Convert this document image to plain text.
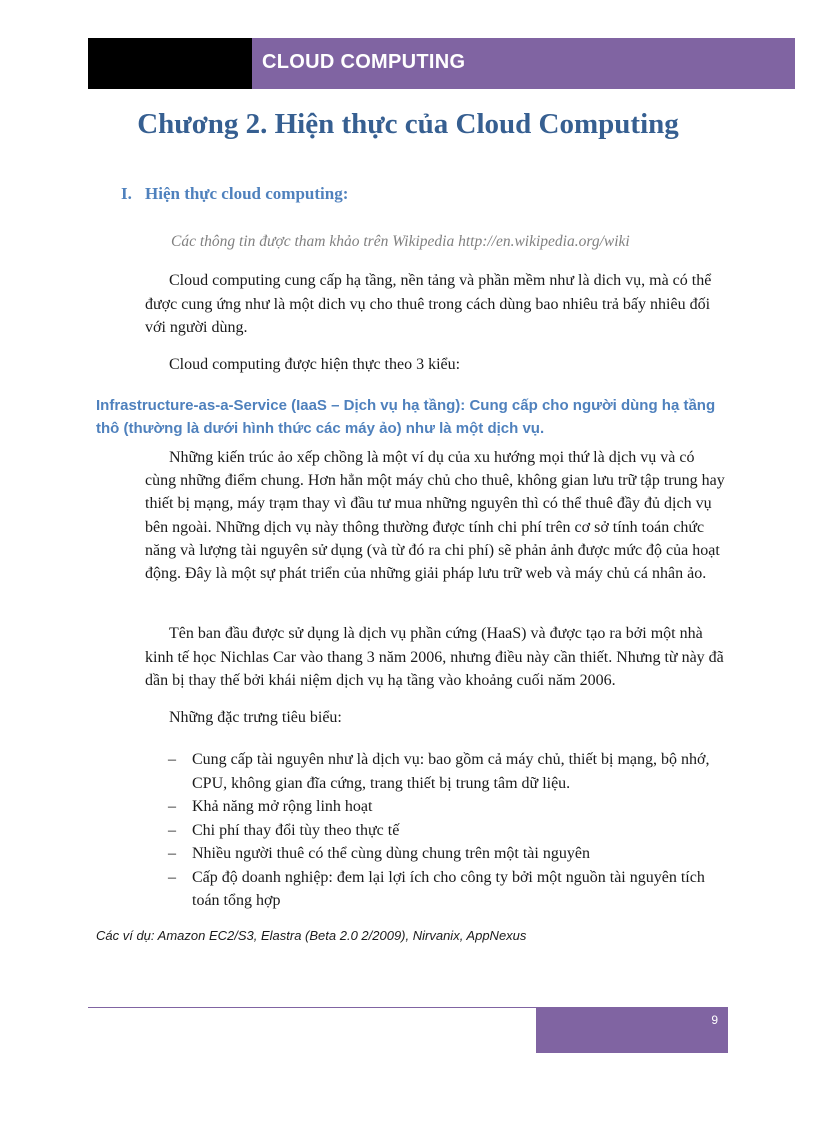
CLOUD COMPUTING
Chương 2. Hiện thực của Cloud Computing
I. Hiện thực cloud computing:
Các thông tin được tham khảo trên Wikipedia http://en.wikipedia.org/wiki

Cloud computing cung cấp hạ tầng, nền tảng và phần mềm như là dich vụ, mà có thể được cung ứng như là một dich vụ cho thuê trong cách dùng bao nhiêu trả bấy nhiêu đối với người dùng.

Cloud computing được hiện thực theo 3 kiểu:

Infrastructure-as-a-Service (IaaS – Dịch vụ hạ tầng): Cung cấp cho người dùng hạ tầng thô (thường là dưới hình thức các máy ảo) như là một dịch vụ.

Những kiến trúc ảo xếp chồng là một ví dụ của xu hướng mọi thứ là dịch vụ và có cùng những điểm chung. Hơn hẳn một máy chủ cho thuê, không gian lưu trữ tập trung hay thiết bị mạng, máy trạm thay vì đầu tư mua những nguyên thì có thể thuê đầy đủ dịch vụ bên ngoài. Những dịch vụ này thông thường được tính chi phí trên cơ sở tính toán chức năng và lượng tài nguyên sử dụng (và từ đó ra chi phí) sẽ phản ảnh được mức độ của hoạt động. Đây là một sự phát triển của những giải pháp lưu trữ web và máy chủ cá nhân ảo.

Tên ban đầu được sử dụng là dịch vụ phần cứng (HaaS) và được tạo ra bởi một nhà kinh tế học Nichlas Car vào thang 3 năm 2006, nhưng điều này cần thiết. Nhưng từ này đã dần bị thay thế bởi khái niệm dịch vụ hạ tầng vào khoảng cuối năm 2006.

Những đặc trưng tiêu biểu:

– Cung cấp tài nguyên như là dịch vụ: bao gồm cả máy chủ, thiết bị mạng, bộ nhớ, CPU, không gian đĩa cứng, trang thiết bị trung tâm dữ liệu.
– Khả năng mở rộng linh hoạt
– Chi phí thay đổi tùy theo thực tế
– Nhiều người thuê có thể cùng dùng chung trên một tài nguyên
– Cấp độ doanh nghiệp: đem lại lợi ích cho công ty bởi một nguồn tài nguyên tích toán tổng hợp
Các ví dụ: Amazon EC2/S3, Elastra (Beta 2.0 2/2009), Nirvanix, AppNexus
9
